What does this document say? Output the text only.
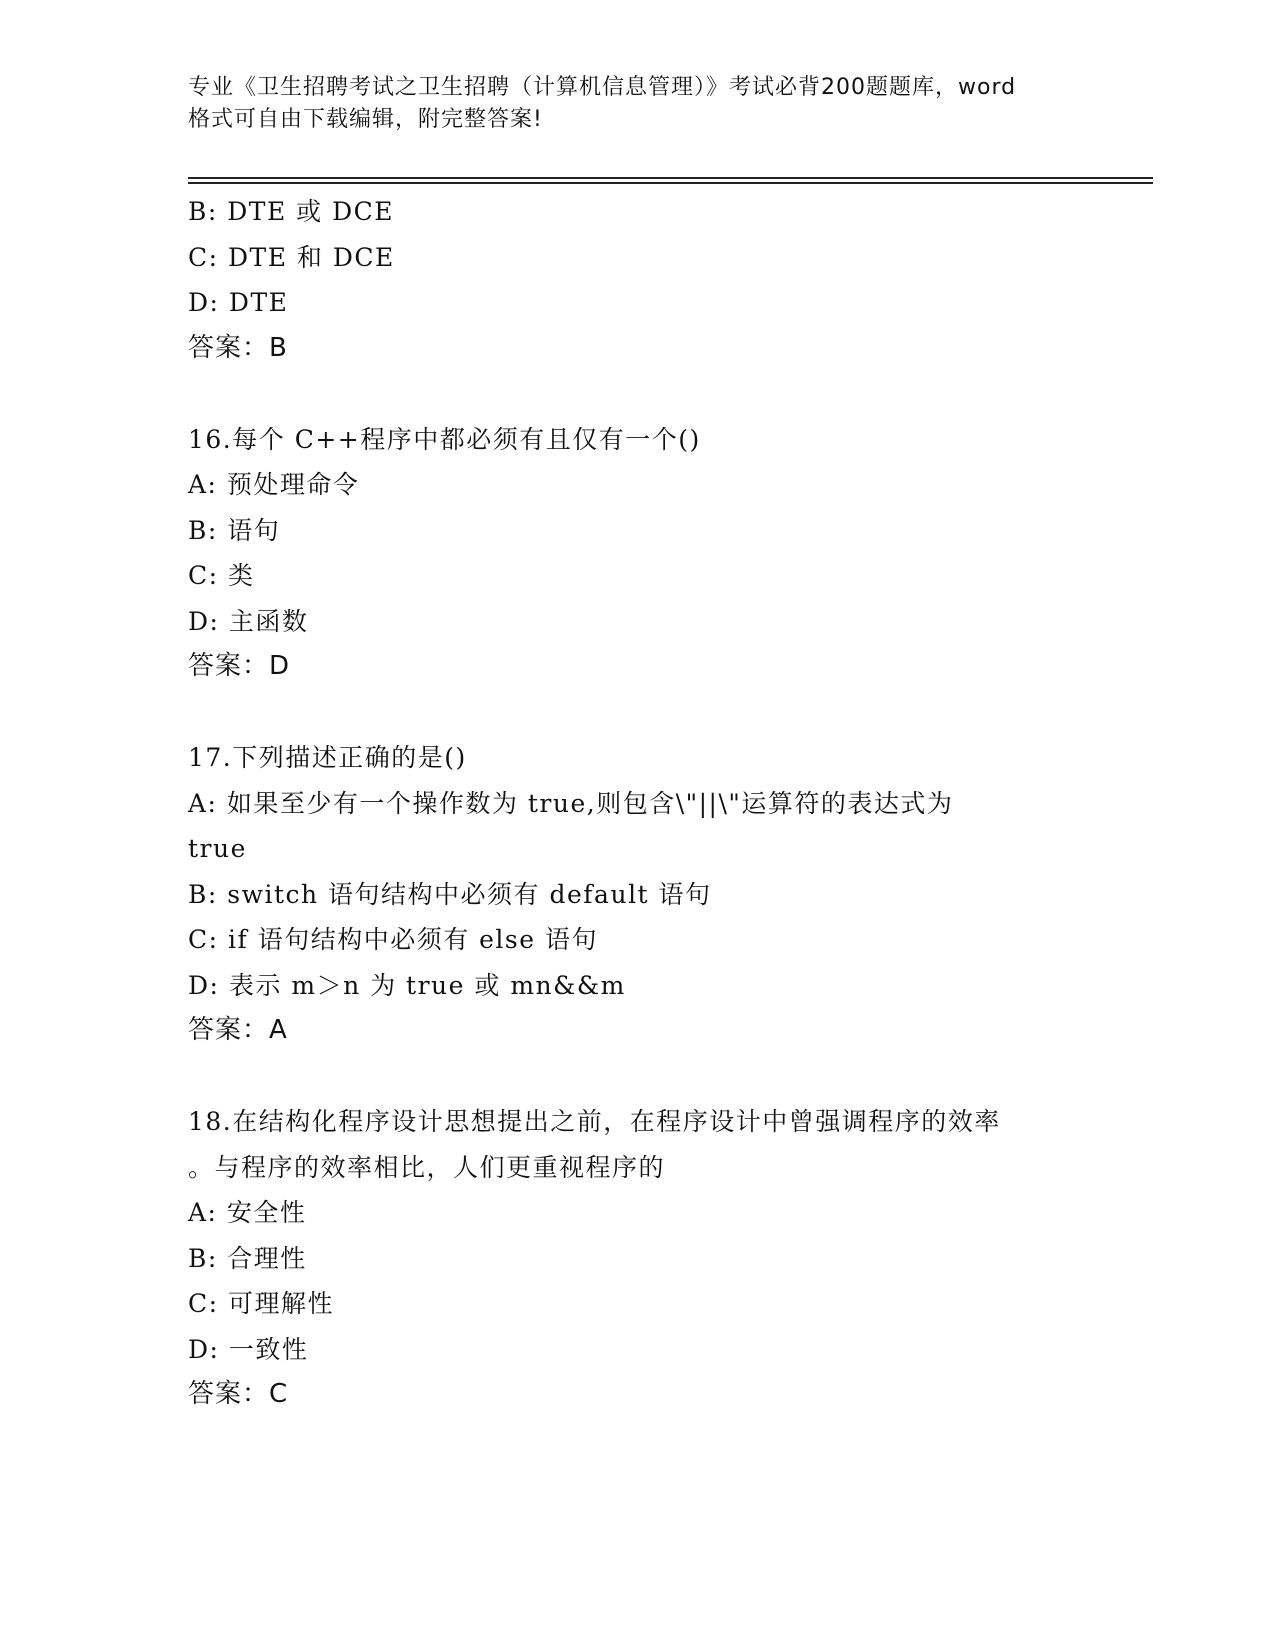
专业《卫生招聘考试之卫生招聘（计算机信息管理）》考试必背200题题库，word
格式可自由下载编辑，附完整答案!
B: DTE 或 DCE
C: DTE 和 DCE
D: DTE
答案：B
16.每个 C++程序中都必须有且仅有一个()
A: 预处理命令
B: 语句
C: 类
D: 主函数
答案：D
17.下列描述正确的是()
A: 如果至少有一个操作数为 true,则包含\"||\"运算符的表达式为
true
B: switch 语句结构中必须有 default 语句
C: if 语句结构中必须有 else 语句
D: 表示 m＞n 为 true 或 mn&&m
答案：A
18.在结构化程序设计思想提出之前，在程序设计中曾强调程序的效率
。与程序的效率相比，人们更重视程序的
A: 安全性
B: 合理性
C: 可理解性
D: 一致性
答案：C
